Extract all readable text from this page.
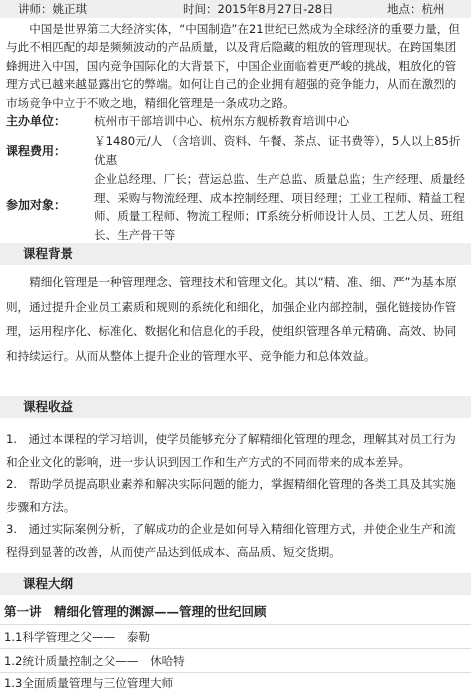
讲师：姚正琪	时间：2015年8月27日-28日	地点：杭州

中国是世界第二大经济实体，“中国制造”在21世纪已然成为全球经济的重要力量，但与此不相匹配的却是频频波动的产品质量，以及背后隐藏的粗放的管理现状。在跨国集团蜂拥进入中国，国内竞争国际化的大背景下，中国企业面临着更严峻的挑战，粗放化的管理方式已越来越显露出它的弊端。如何让自己的企业拥有超强的竞争能力，从而在激烈的市场竞争中立于不败之地，精细化管理是一条成功之路。

主办单位： 杭州市干部培训中心、杭州东方舰桥教育培训中心

课程费用：

￥1480元/人 （含培训、资料、午餐、茶点、证书费等），5人以上85折优惠

参加对象：

企业总经理、厂长；营运总监、生产总监、质量总监；生产经理、质量经理、采购与物流经理、成本控制经理、项目经理；工业工程师、精益工程师、质量工程师、物流工程师；IT系统分析师设计人员、工艺人员、班组长、生产骨干等

课程背景

精细化管理是一种管理理念、管理技术和管理文化。其以“精、准、细、严”为基本原则，通过提升企业员工素质和规则的系统化和细化，加强企业内部控制，强化链接协作管理，运用程序化、标准化、数据化和信息化的手段，使组织管理各单元精确、高效、协同和持续运行。从而从整体上提升企业的管理水平、竞争能力和总体效益。

课程收益

1.　通过本课程的学习培训，使学员能够充分了解精细化管理的理念，理解其对员工行为和企业文化的影响，进一步认识到因工作和生产方式的不同而带来的成本差异。

2.　帮助学员提高职业素养和解决实际问题的能力，掌握精细化管理的各类工具及其实施步骤和方法。

3.　通过实际案例分析，了解成功的企业是如何导入精细化管理方式，并使企业生产和流程得到显著的改善，从而使产品达到低成本、高品质、短交货期。

课程大纲
第一讲　精细化管理的渊源——管理的世纪回顾
1.1科学管理之父——　泰勒
1.2统计质量控制之父——　休哈特
1.3全面质量管理与三位管理大师
